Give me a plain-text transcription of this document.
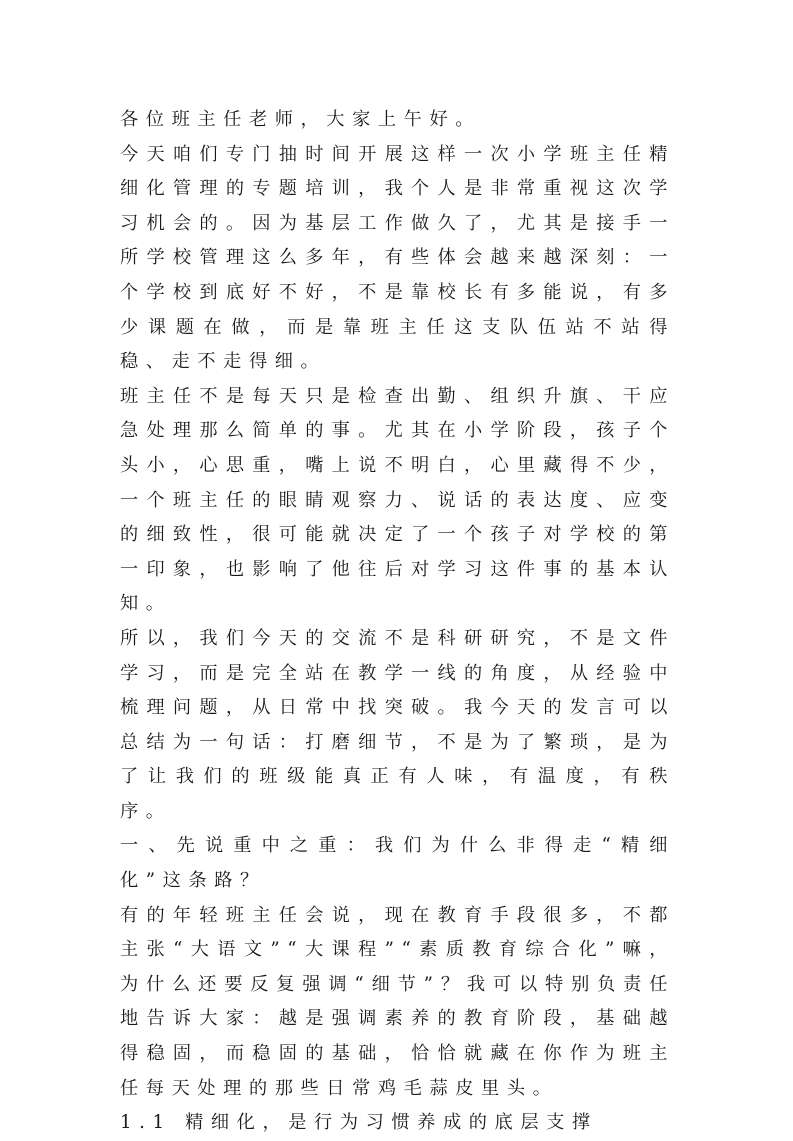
各位班主任老师，大家上午好。

今天咱们专门抽时间开展这样一次小学班主任精细化管理的专题培训，我个人是非常重视这次学习机会的。因为基层工作做久了，尤其是接手一所学校管理这么多年，有些体会越来越深刻：一个学校到底好不好，不是靠校长有多能说，有多少课题在做，而是靠班主任这支队伍站不站得稳、走不走得细。

班主任不是每天只是检查出勤、组织升旗、干应急处理那么简单的事。尤其在小学阶段，孩子个头小，心思重，嘴上说不明白，心里藏得不少，一个班主任的眼睛观察力、说话的表达度、应变的细致性，很可能就决定了一个孩子对学校的第一印象，也影响了他往后对学习这件事的基本认知。

所以，我们今天的交流不是科研研究，不是文件学习，而是完全站在教学一线的角度，从经验中梳理问题，从日常中找突破。我今天的发言可以总结为一句话：打磨细节，不是为了繁琐，是为了让我们的班级能真正有人味，有温度，有秩序。

一、先说重中之重：我们为什么非得走“精细化”这条路？

有的年轻班主任会说，现在教育手段很多，不都主张“大语文”“大课程”“素质教育综合化”嘛，为什么还要反复强调“细节”？我可以特别负责任地告诉大家：越是强调素养的教育阶段，基础越得稳固，而稳固的基础，恰恰就藏在你作为班主任每天处理的那些日常鸡毛蒜皮里头。

1.1 精细化，是行为习惯养成的底层支撑
